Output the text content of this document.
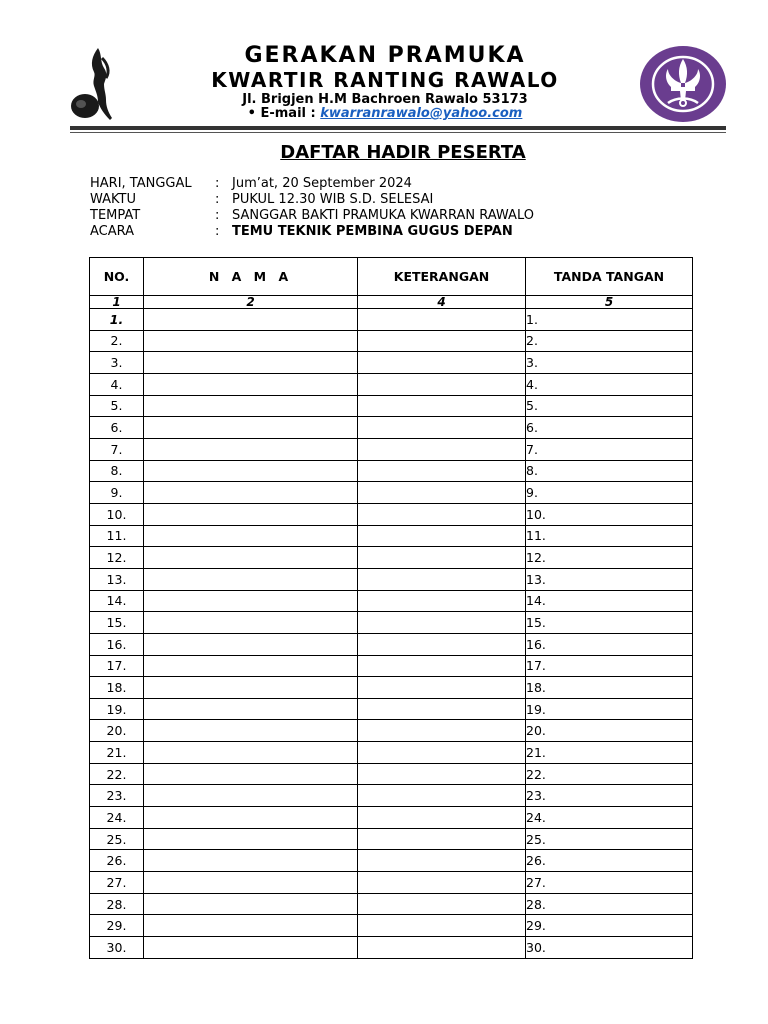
GERAKAN PRAMUKA
KWARTIR RANTING RAWALO
Jl. Brigjen H.M Bachroen Rawalo 53173
• E-mail : kwarranrawalo@yahoo.com
DAFTAR HADIR PESERTA
HARI, TANGGAL	: Jum’at, 20 September 2024
WAKTU	: PUKUL 12.30 WIB S.D. SELESAI
TEMPAT	: SANGGAR BAKTI PRAMUKA KWARRAN RAWALO
ACARA	: TEMU TEKNIK PEMBINA GUGUS DEPAN
NO.	N A M A	KETERANGAN	TANDA TANGAN
1	2	4	5
1.			1.
2.			2.
3.			3.
4.			4.
5.			5.
6.			6.
7.			7.
8.			8.
9.			9.
10.			10.
11.			11.
12.			12.
13.			13.
14.			14.
15.			15.
16.			16.
17.			17.
18.			18.
19.			19.
20.			20.
21.			21.
22.			22.
23.			23.
24.			24.
25.			25.
26.			26.
27.			27.
28.			28.
29.			29.
30.			30.
